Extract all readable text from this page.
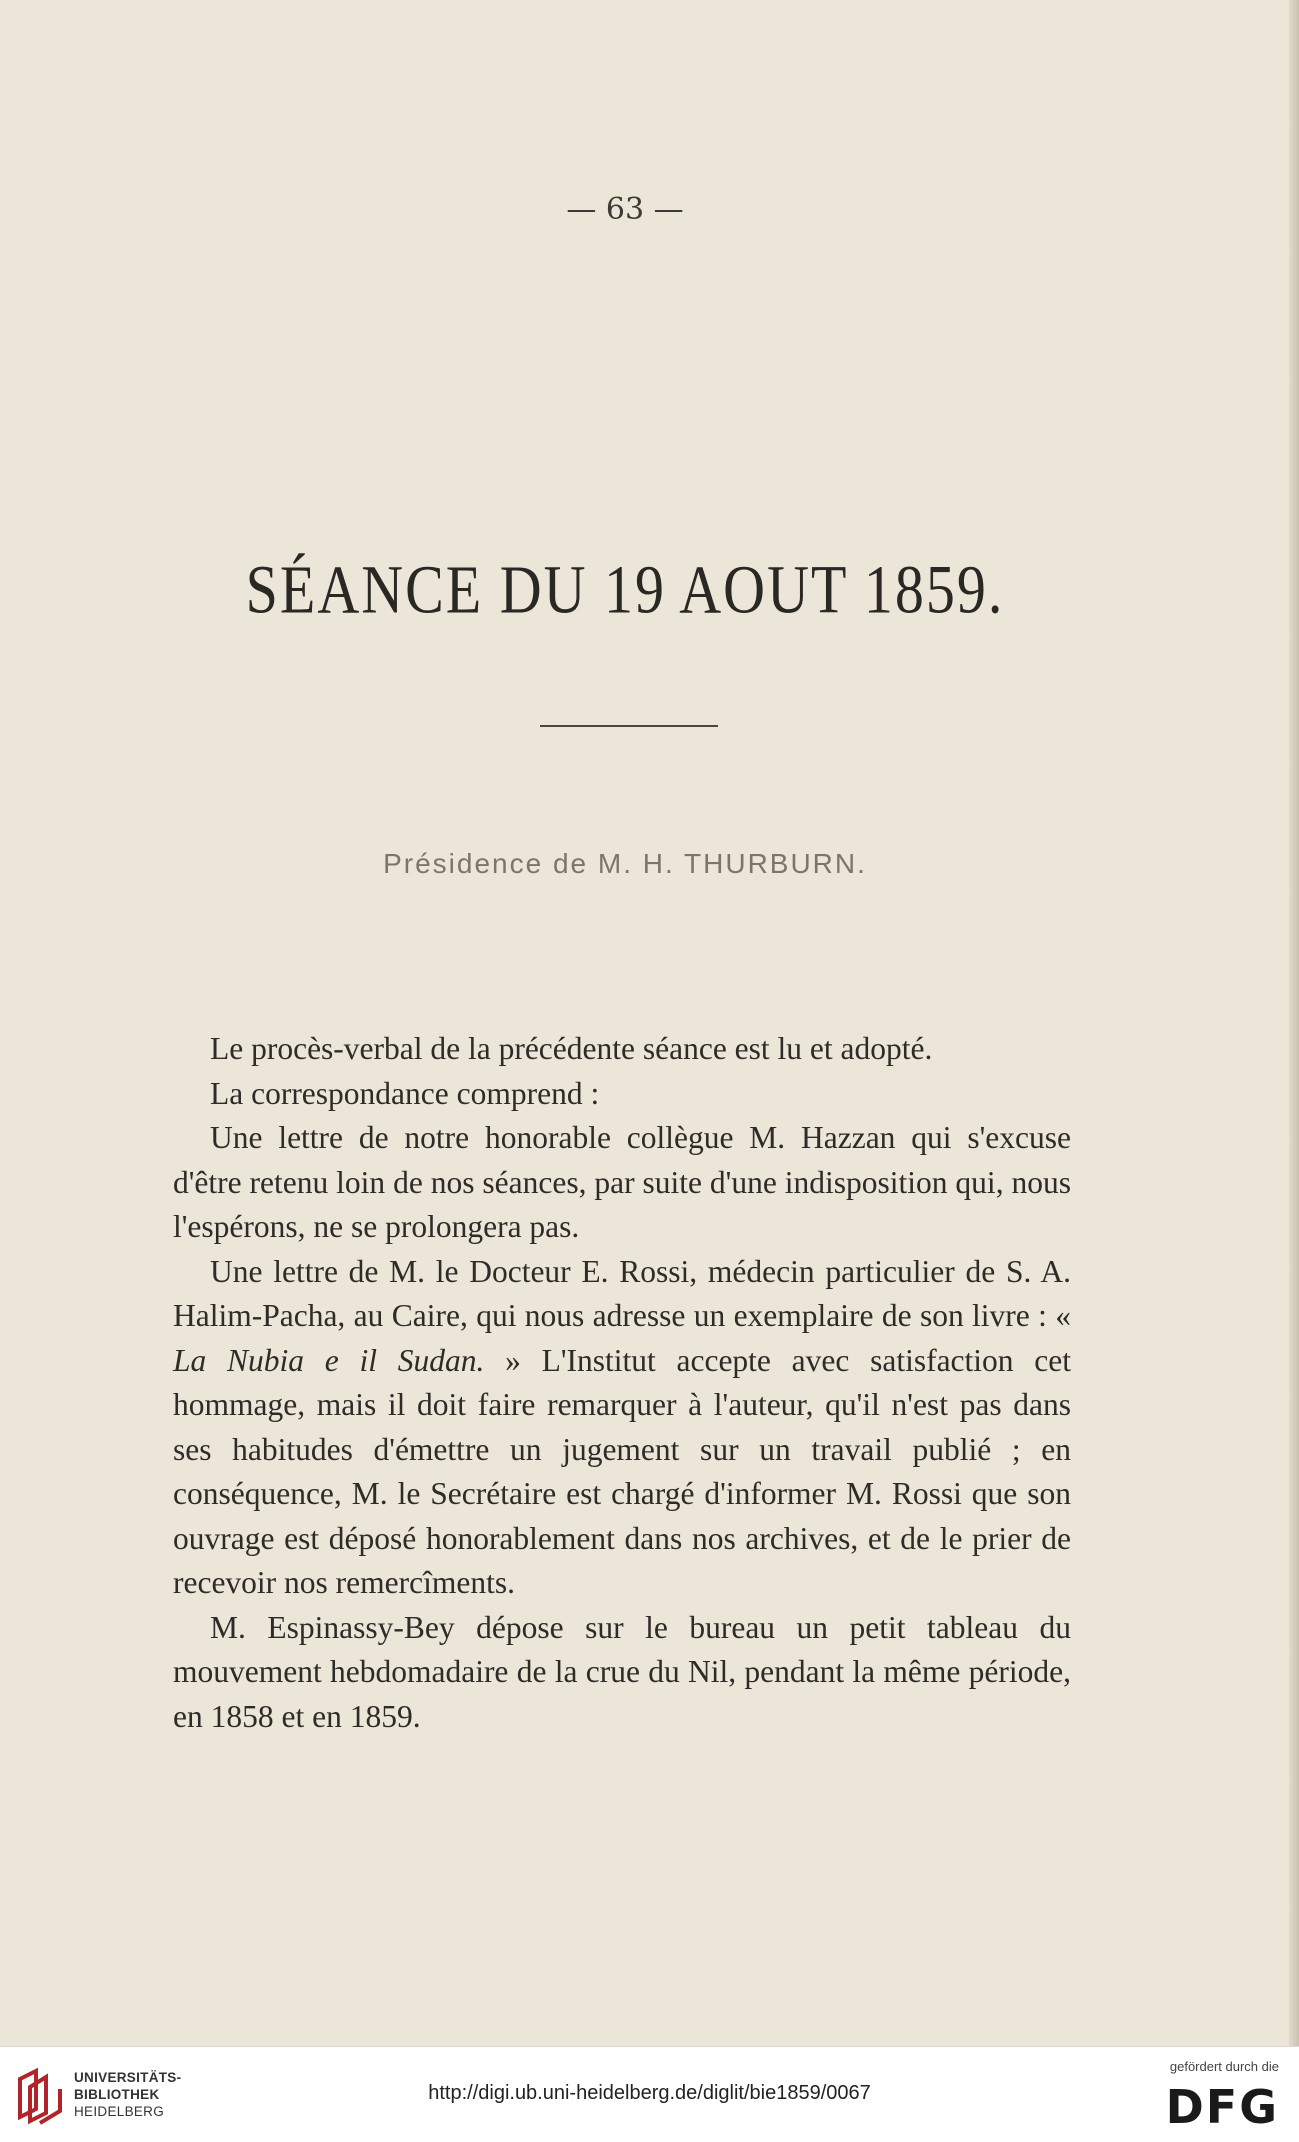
— 63 —
SÉANCE DU 19 AOUT 1859.
Présidence de M. H. THURBURN.

Le procès-verbal de la précédente séance est lu et adopté.

La correspondance comprend :

Une lettre de notre honorable collègue M. Hazzan qui s'excuse d'être retenu loin de nos séances, par suite d'une indisposition qui, nous l'espérons, ne se prolongera pas.

Une lettre de M. le Docteur E. Rossi, médecin particulier de S. A. Halim-Pacha, au Caire, qui nous adresse un exemplaire de son livre : « La Nubia e il Sudan. » L'Institut accepte avec satisfaction cet hommage, mais il doit faire remarquer à l'auteur, qu'il n'est pas dans ses habitudes d'émettre un jugement sur un travail publié ; en conséquence, M. le Secrétaire est chargé d'informer M. Rossi que son ouvrage est déposé honorablement dans nos archives, et de le prier de recevoir nos remercîments.

M. Espinassy-Bey dépose sur le bureau un petit tableau du mouvement hebdomadaire de la crue du Nil, pendant la même période, en 1858 et en 1859.

UNIVERSITÄTS-
BIBLIOTHEK
HEIDELBERG
http://digi.ub.uni-heidelberg.de/diglit/bie1859/0067
gefördert durch die
DFG
